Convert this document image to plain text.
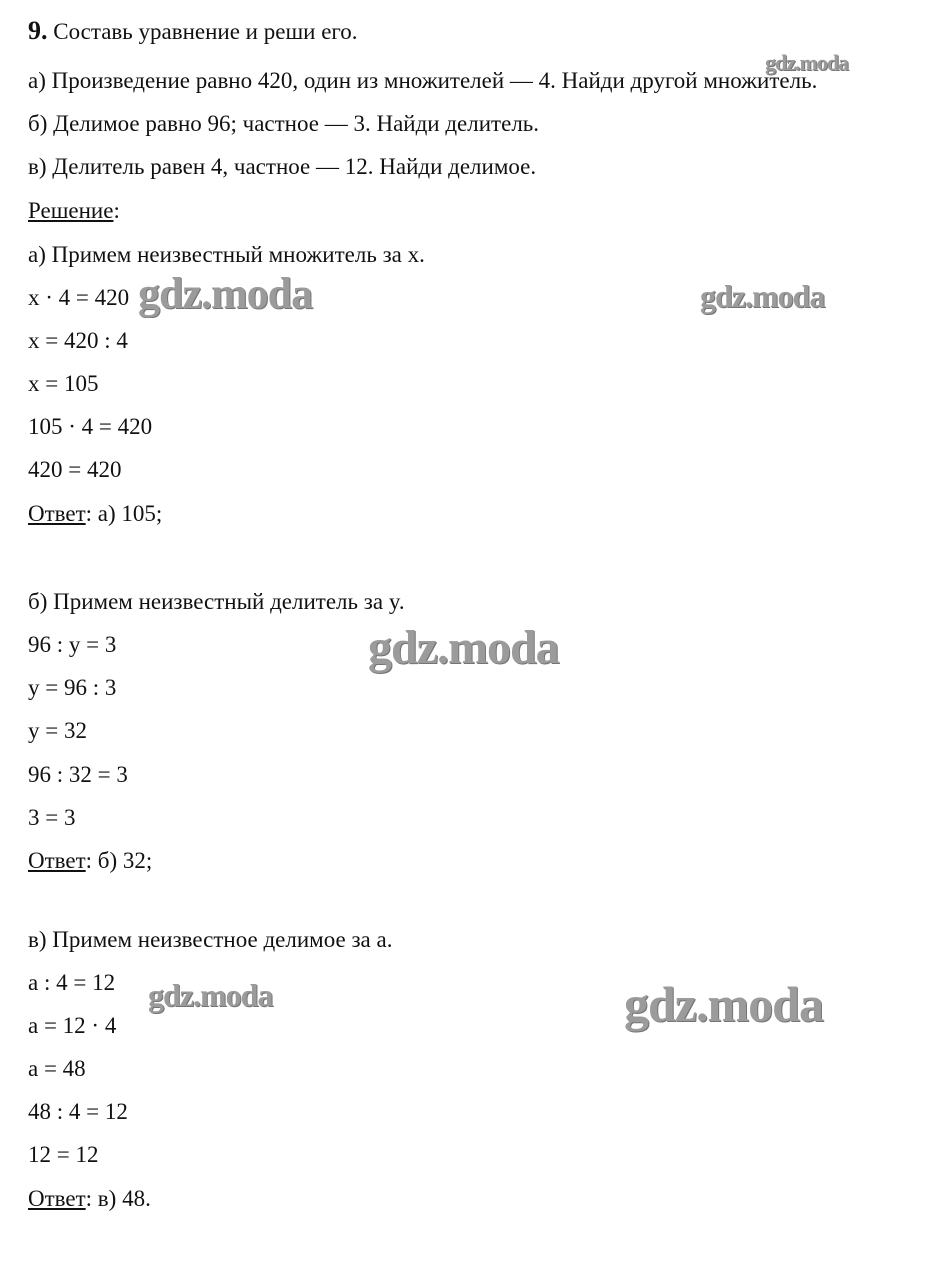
9. Составь уравнение и реши его.
а) Произведение равно 420, один из множителей — 4. Найди другой множитель.
б) Делимое равно 96; частное — 3. Найди делитель.
в) Делитель равен 4, частное — 12. Найди делимое.
Решение:
а) Примем неизвестный множитель за x.
x · 4 = 420
x = 420 : 4
x = 105
105 · 4 = 420
420 = 420
Ответ: а) 105;
б) Примем неизвестный делитель за y.
96 : y = 3
y = 96 : 3
y = 32
96 : 32 = 3
3 = 3
Ответ: б) 32;
в) Примем неизвестное делимое за a.
a : 4 = 12
a = 12 · 4
a = 48
48 : 4 = 12
12 = 12
Ответ: в) 48.
gdz.moda
gdz.moda	gdz.moda
gdz.moda
gdz.moda	gdz.moda
